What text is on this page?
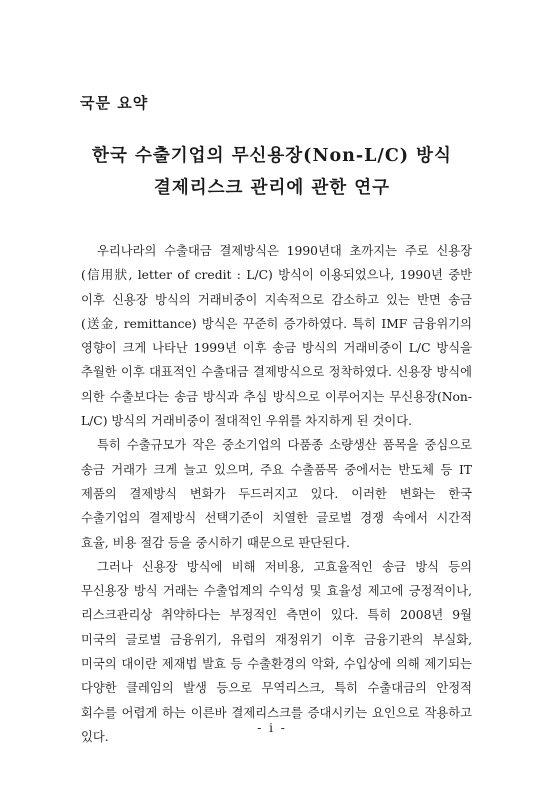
국문 요약
한국 수출기업의 무신용장(Non-L/C) 방식
결제리스크 관리에 관한 연구

우리나라의 수출대금 결제방식은 1990년대 초까지는 주로 신용장(信用狀, letter of credit : L/C) 방식이 이용되었으나, 1990년 중반 이후 신용장 방식의 거래비중이 지속적으로 감소하고 있는 반면 송금(送金, remittance) 방식은 꾸준히 증가하였다. 특히 IMF 금융위기의 영향이 크게 나타난 1999년 이후 송금 방식의 거래비중이 L/C 방식을 추월한 이후 대표적인 수출대금 결제방식으로 정착하였다. 신용장 방식에 의한 수출보다는 송금 방식과 추심 방식으로 이루어지는 무신용장(Non-L/C) 방식의 거래비중이 절대적인 우위를 차지하게 된 것이다.

특히 수출규모가 작은 중소기업의 다품종 소량생산 품목을 중심으로 송금 거래가 크게 늘고 있으며, 주요 수출품목 중에서는 반도체 등 IT 제품의 결제방식 변화가 두드러지고 있다. 이러한 변화는 한국 수출기업의 결제방식 선택기준이 치열한 글로벌 경쟁 속에서 시간적 효율, 비용 절감 등을 중시하기 때문으로 판단된다.

그러나 신용장 방식에 비해 저비용, 고효율적인 송금 방식 등의 무신용장 방식 거래는 수출업계의 수익성 및 효율성 제고에 긍정적이나, 리스크관리상 취약하다는 부정적인 측면이 있다. 특히 2008년 9월 미국의 글로벌 금융위기, 유럽의 재정위기 이후 금융기관의 부실화, 미국의 대이란 제재법 발효 등 수출환경의 악화, 수입상에 의해 제기되는 다양한 클레임의 발생 등으로 무역리스크, 특히 수출대금의 안정적 회수를 어렵게 하는 이른바 결제리스크를 증대시키는 요인으로 작용하고 있다.

- i -
